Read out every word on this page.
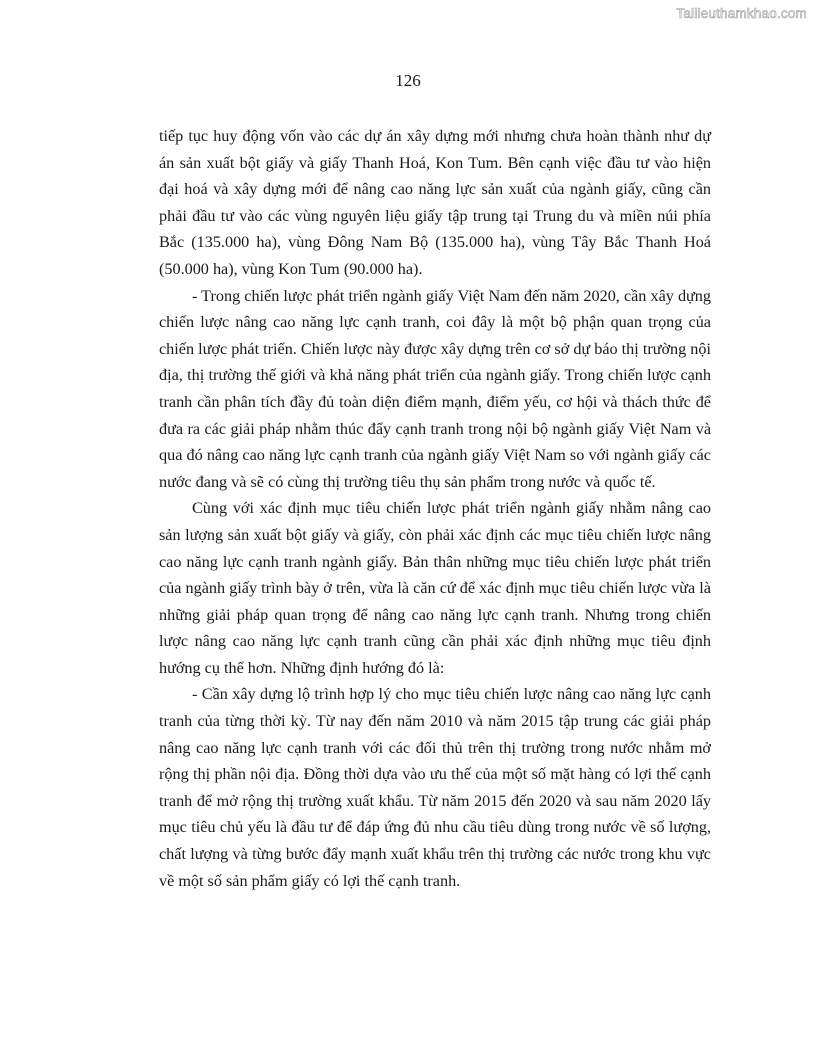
Tailieuthamkhao.com
126

tiếp tục huy động vốn vào các dự án xây dựng mới nhưng chưa hoàn thành như dự án sản xuất bột giấy và giấy Thanh Hoá, Kon Tum. Bên cạnh việc đầu tư vào hiện đại hoá và xây dựng mới để nâng cao năng lực sản xuất của ngành giấy, cũng cần phải đầu tư vào các vùng nguyên liệu giấy tập trung tại Trung du và miền núi phía Bắc (135.000 ha), vùng Đông Nam Bộ (135.000 ha), vùng Tây Bắc Thanh Hoá (50.000 ha), vùng Kon Tum (90.000 ha).

- Trong chiến lược phát triển ngành giấy Việt Nam đến năm 2020, cần xây dựng chiến lược nâng cao năng lực cạnh tranh, coi đây là một bộ phận quan trọng của chiến lược phát triển. Chiến lược này được xây dựng trên cơ sở dự báo thị trường nội địa, thị trường thế giới và khả năng phát triển của ngành giấy. Trong chiến lược cạnh tranh cần phân tích đầy đủ toàn diện điểm mạnh, điểm yếu, cơ hội và thách thức để đưa ra các giải pháp nhằm thúc đẩy cạnh tranh trong nội bộ ngành giấy Việt Nam và qua đó nâng cao năng lực cạnh tranh của ngành giấy Việt Nam so với ngành giấy các nước đang và sẽ có cùng thị trường tiêu thụ sản phẩm trong nước và quốc tế.

Cùng với xác định mục tiêu chiến lược phát triển ngành giấy nhằm nâng cao sản lượng sản xuất bột giấy và giấy, còn phải xác định các mục tiêu chiến lược nâng cao năng lực cạnh tranh ngành giấy. Bản thân những mục tiêu chiến lược phát triển của ngành giấy trình bày ở trên, vừa là căn cứ để xác định mục tiêu chiến lược vừa là những giải pháp quan trọng để nâng cao năng lực cạnh tranh. Nhưng trong chiến lược nâng cao năng lực cạnh tranh cũng cần phải xác định những mục tiêu định hướng cụ thể hơn. Những định hướng đó là:

- Cần xây dựng lộ trình hợp lý cho mục tiêu chiến lược nâng cao năng lực cạnh tranh của từng thời kỳ. Từ nay đến năm 2010 và năm 2015 tập trung các giải pháp nâng cao năng lực cạnh tranh với các đối thủ trên thị trường trong nước nhằm mở rộng thị phần nội địa. Đồng thời dựa vào ưu thế của một số mặt hàng có lợi thế cạnh tranh để mở rộng thị trường xuất khẩu. Từ năm 2015 đến 2020 và sau năm 2020 lấy mục tiêu chủ yếu là đầu tư để đáp ứng đủ nhu cầu tiêu dùng trong nước về số lượng, chất lượng và từng bước đẩy mạnh xuất khẩu trên thị trường các nước trong khu vực về một số sản phẩm giấy có lợi thế cạnh tranh.
